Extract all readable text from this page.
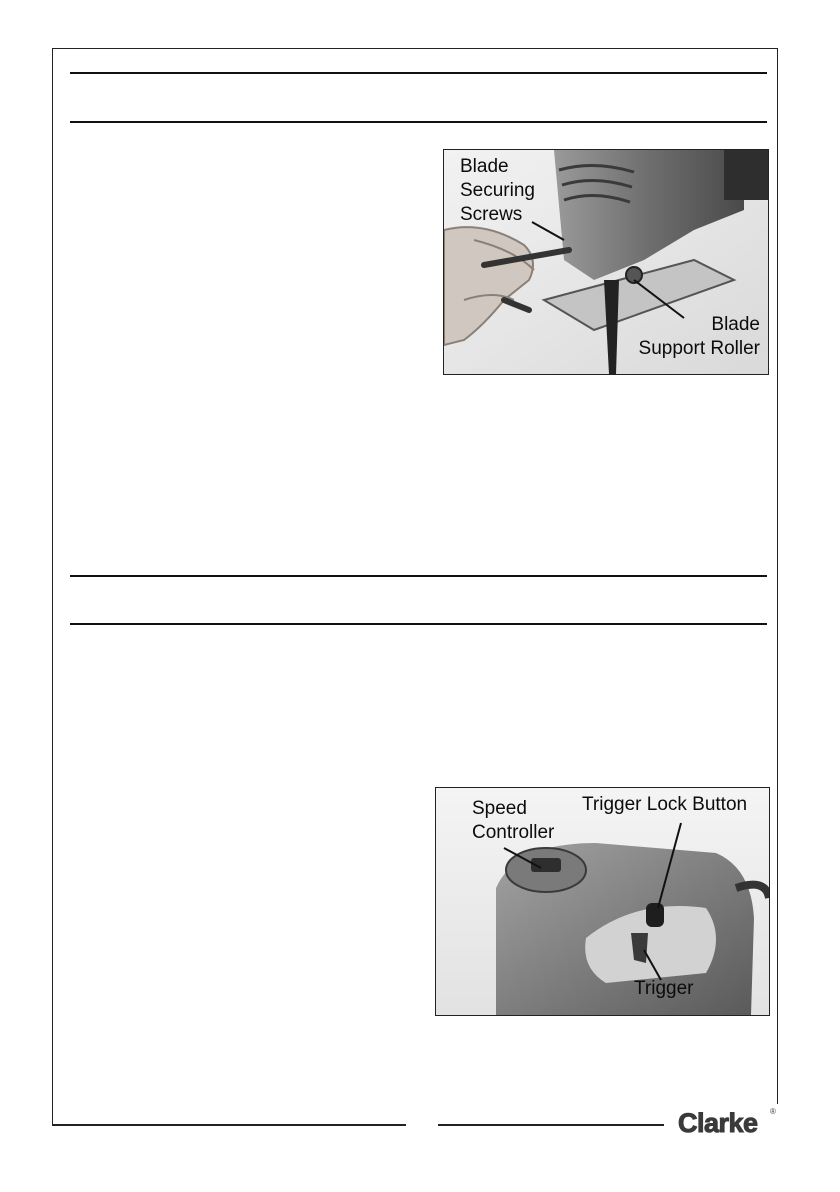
Blade
Securing
Screws
Blade
Support Roller
Speed
Controller
Trigger Lock Button
Trigger
Clarke ®
